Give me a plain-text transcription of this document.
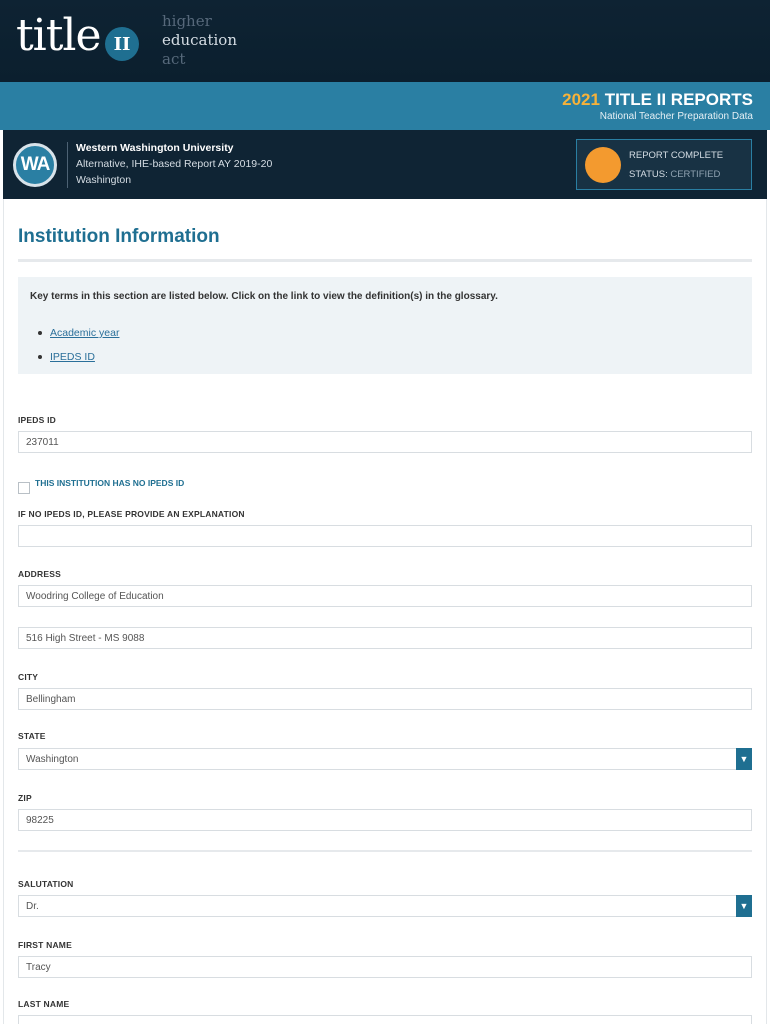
title II
higher
education
act
2021 TITLE II REPORTS
National Teacher Preparation Data
WA
Western Washington University
Alternative, IHE-based Report AY 2019-20
Washington
REPORT COMPLETE
STATUS: CERTIFIED
Institution Information
Key terms in this section are listed below. Click on the link to view the definition(s) in the glossary.
Academic year
IPEDS ID
IPEDS ID
237011
THIS INSTITUTION HAS NO IPEDS ID
IF NO IPEDS ID, PLEASE PROVIDE AN EXPLANATION
ADDRESS
Woodring College of Education
516 High Street - MS 9088
CITY
Bellingham
STATE
Washington	▼
ZIP
98225
SALUTATION
Dr.	▼
FIRST NAME
Tracy
LAST NAME
